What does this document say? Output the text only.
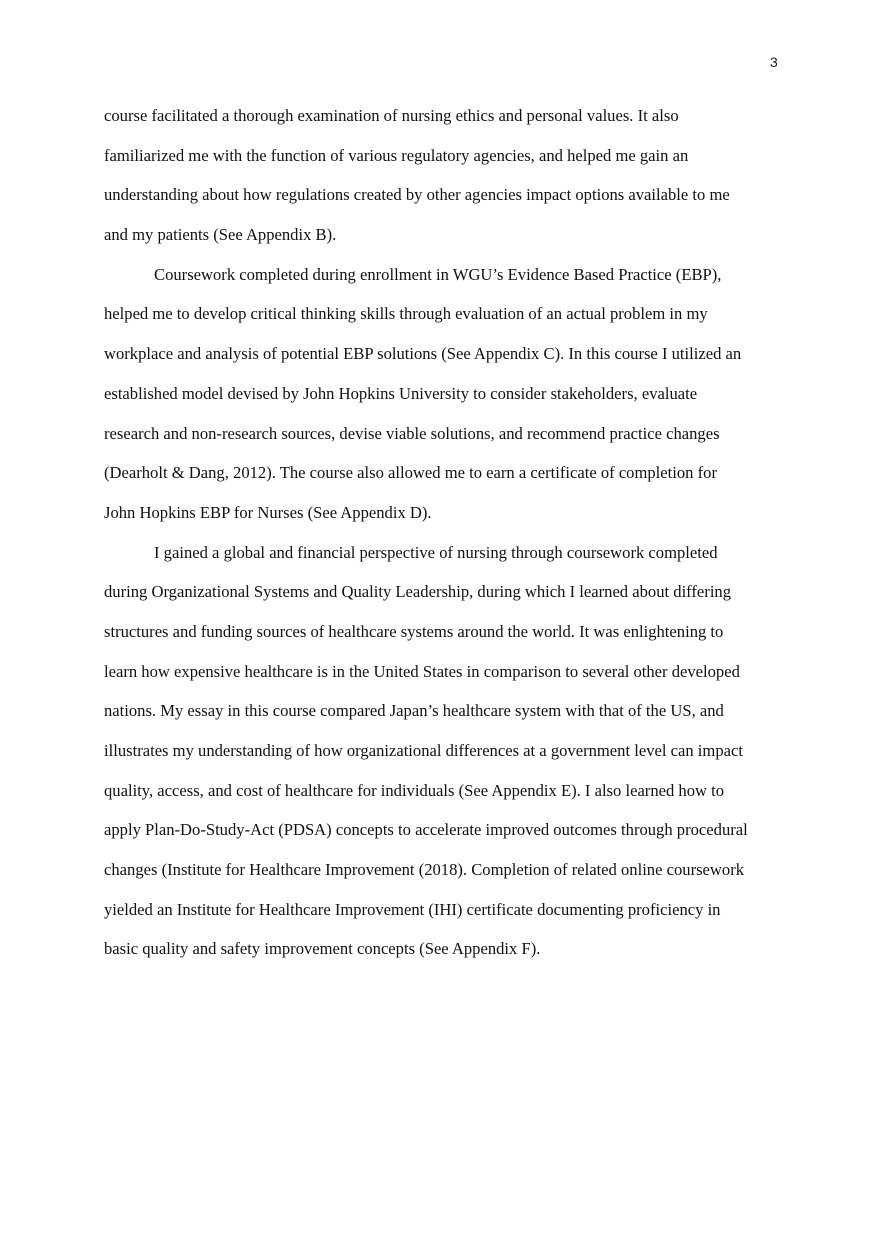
3
course facilitated a thorough examination of nursing ethics and personal values. It also
familiarized me with the function of various regulatory agencies, and helped me gain an
understanding about how regulations created by other agencies impact options available to me
and my patients (See Appendix B).
Coursework completed during enrollment in WGU’s Evidence Based Practice (EBP),
helped me to develop critical thinking skills through evaluation of an actual problem in my
workplace and analysis of potential EBP solutions (See Appendix C). In this course I utilized an
established model devised by John Hopkins University to consider stakeholders, evaluate
research and non-research sources, devise viable solutions, and recommend practice changes
(Dearholt & Dang, 2012). The course also allowed me to earn a certificate of completion for
John Hopkins EBP for Nurses (See Appendix D).
I gained a global and financial perspective of nursing through coursework completed
during Organizational Systems and Quality Leadership, during which I learned about differing
structures and funding sources of healthcare systems around the world. It was enlightening to
learn how expensive healthcare is in the United States in comparison to several other developed
nations. My essay in this course compared Japan’s healthcare system with that of the US, and
illustrates my understanding of how organizational differences at a government level can impact
quality, access, and cost of healthcare for individuals (See Appendix E). I also learned how to
apply Plan-Do-Study-Act (PDSA) concepts to accelerate improved outcomes through procedural
changes (Institute for Healthcare Improvement (2018). Completion of related online coursework
yielded an Institute for Healthcare Improvement (IHI) certificate documenting proficiency in
basic quality and safety improvement concepts (See Appendix F).
